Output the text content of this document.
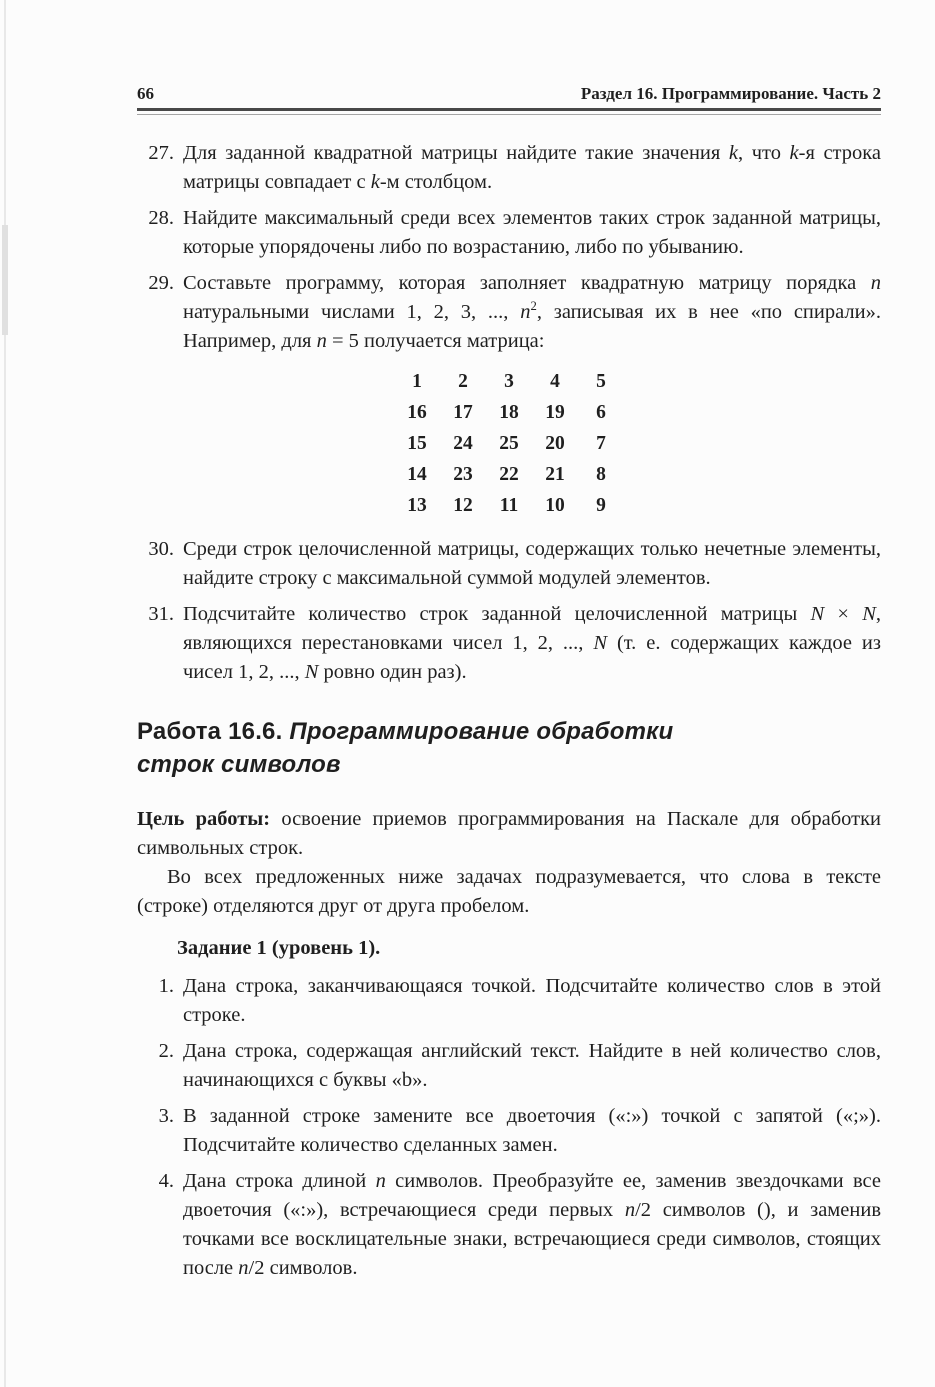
66	Раздел 16. Программирование. Часть 2
27. Для заданной квадратной матрицы найдите такие значения k, что k-я строка матрицы совпадает с k-м столбцом.
28. Найдите максимальный среди всех элементов таких строк заданной матрицы, которые упорядочены либо по возрастанию, либо по убыванию.
29. Составьте программу, которая заполняет квадратную матрицу порядка n натуральными числами 1, 2, 3, ..., $n^2$, записывая их в нее «по спирали». Например, для n = 5 получается матрица:
1	2	3	4	5
16	17	18	19	6
15	24	25	20	7
14	23	22	21	8
13	12	11	10	9
30. Среди строк целочисленной матрицы, содержащих только нечетные элементы, найдите строку с максимальной суммой модулей элементов.
31. Подсчитайте количество строк заданной целочисленной матрицы N × N, являющихся перестановками чисел 1, 2, ..., N (т. е. содержащих каждое из чисел 1, 2, ..., N ровно один раз).
Работа 16.6. Программирование обработки
строк символов

Цель работы: освоение приемов программирования на Паскале для обработки символьных строк.

Во всех предложенных ниже задачах подразумевается, что слова в тексте (строке) отделяются друг от друга пробелом.

Задание 1 (уровень 1).
1. Дана строка, заканчивающаяся точкой. Подсчитайте количество слов в этой строке.
2. Дана строка, содержащая английский текст. Найдите в ней количество слов, начинающихся с буквы «b».
3. В заданной строке замените все двоеточия («:») точкой с запятой («;»). Подсчитайте количество сделанных замен.
4. Дана строка длиной n символов. Преобразуйте ее, заменив звездочками все двоеточия («:»), встречающиеся среди первых n/2 символов (), и заменив точками все восклицательные знаки, встречающиеся среди символов, стоящих после n/2 символов.
